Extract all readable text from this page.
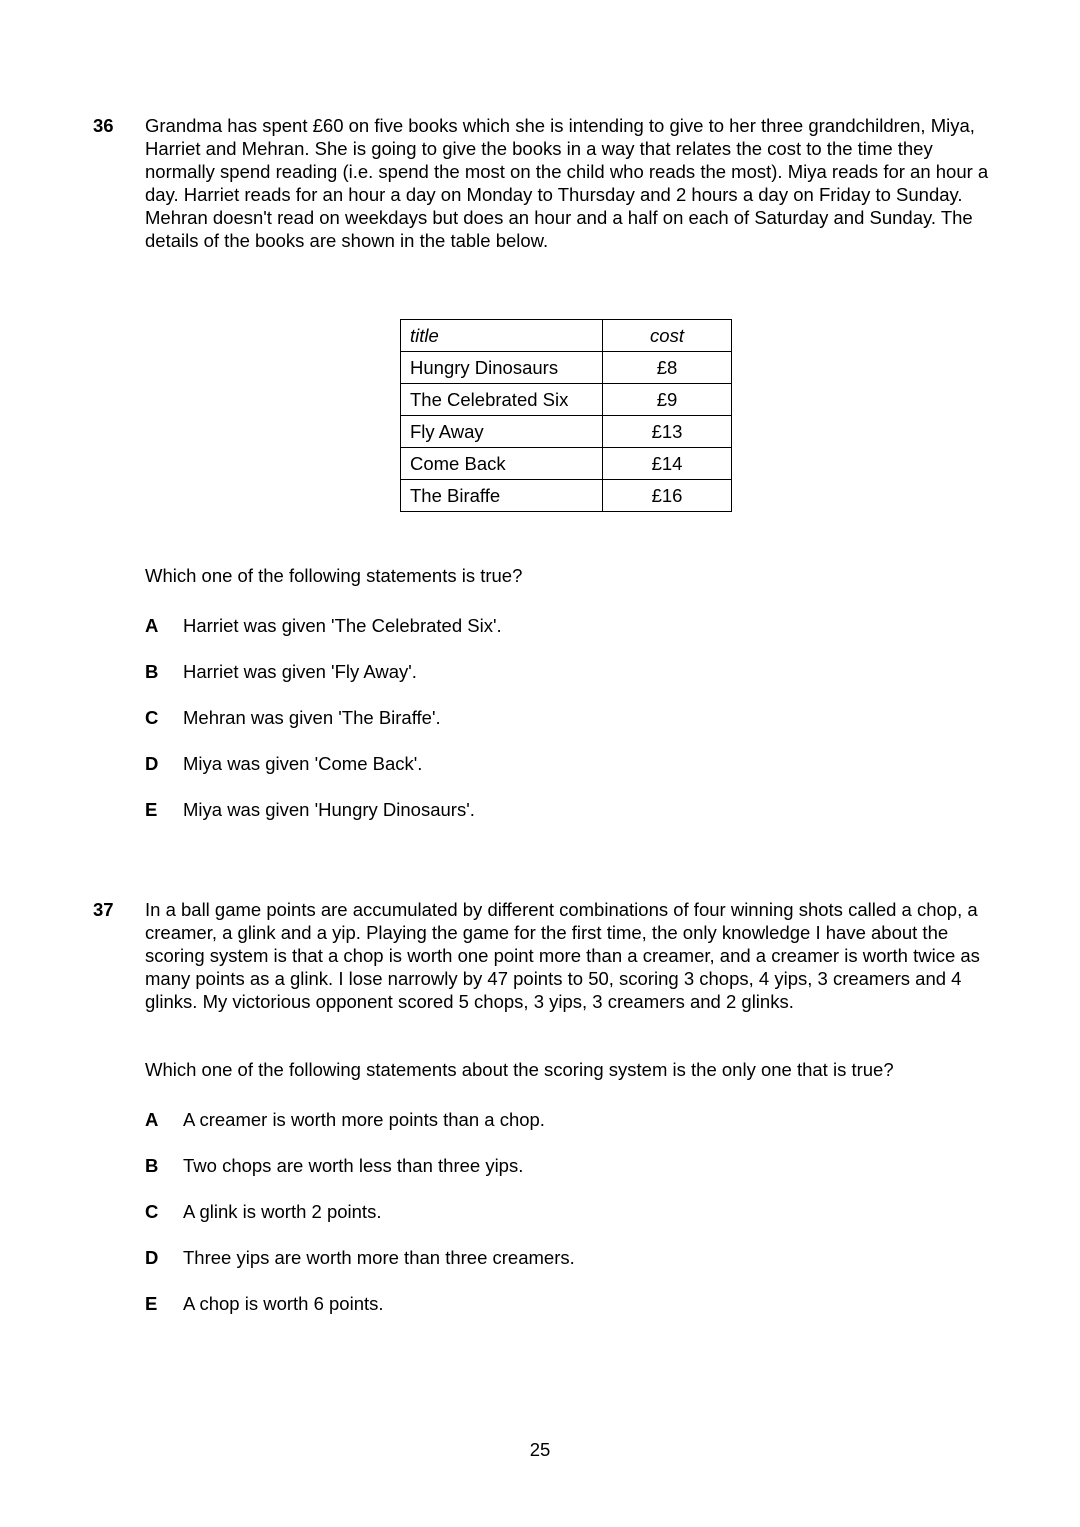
36 Grandma has spent £60 on five books which she is intending to give to her three grandchildren, Miya, Harriet and Mehran. She is going to give the books in a way that relates the cost to the time they normally spend reading (i.e. spend the most on the child who reads the most). Miya reads for an hour a day. Harriet reads for an hour a day on Monday to Thursday and 2 hours a day on Friday to Sunday. Mehran doesn't read on weekdays but does an hour and a half on each of Saturday and Sunday. The details of the books are shown in the table below.
title	cost
Hungry Dinosaurs	£8
The Celebrated Six	£9
Fly Away	£13
Come Back	£14
The Biraffe	£16
Which one of the following statements is true?
A	Harriet was given 'The Celebrated Six'.
B	Harriet was given 'Fly Away'.
C	Mehran was given 'The Biraffe'.
D	Miya was given 'Come Back'.
E	Miya was given 'Hungry Dinosaurs'.
37 In a ball game points are accumulated by different combinations of four winning shots called a chop, a creamer, a glink and a yip. Playing the game for the first time, the only knowledge I have about the scoring system is that a chop is worth one point more than a creamer, and a creamer is worth twice as many points as a glink. I lose narrowly by 47 points to 50, scoring 3 chops, 4 yips, 3 creamers and 4 glinks. My victorious opponent scored 5 chops, 3 yips, 3 creamers and 2 glinks.
Which one of the following statements about the scoring system is the only one that is true?
A	A creamer is worth more points than a chop.
B	Two chops are worth less than three yips.
C	A glink is worth 2 points.
D	Three yips are worth more than three creamers.
E	A chop is worth 6 points.
25
